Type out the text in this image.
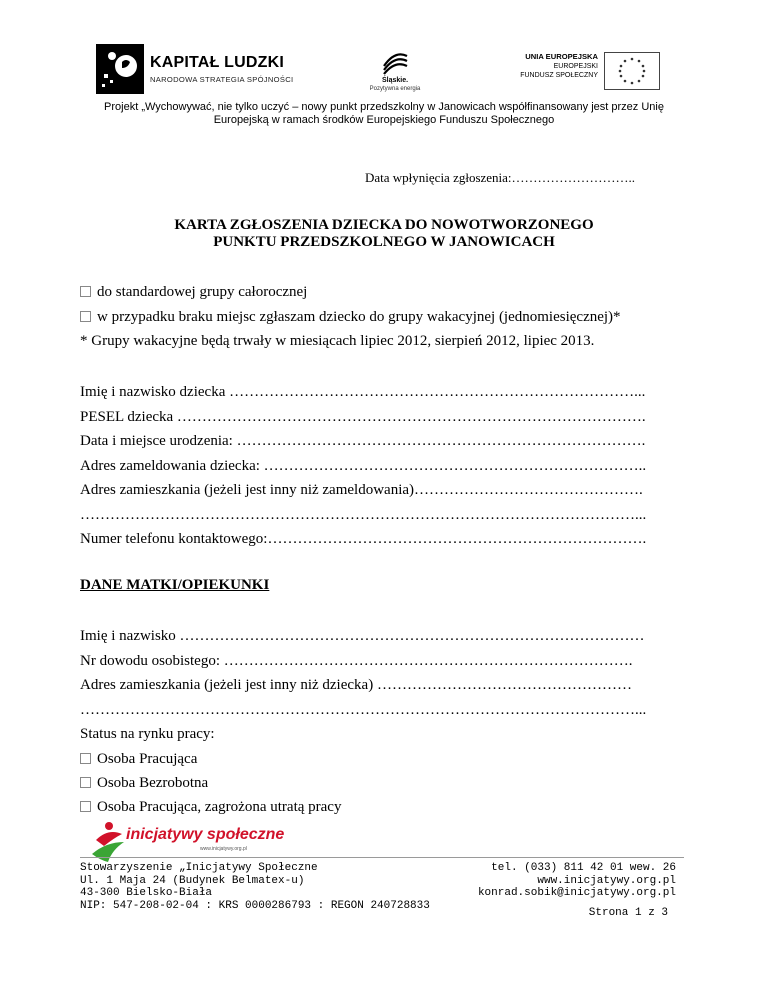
KAPITAŁ LUDZKI
NARODOWA STRATEGIA SPÓJNOŚCI	Śląskie.
Pozytywna energia
UNIA EUROPEJSKA
EUROPEJSKI
FUNDUSZ SPOŁECZNY
Projekt „Wychowywać, nie tylko uczyć – nowy punkt przedszkolny w Janowicach współfinansowany jest przez Unię
Europejską w ramach środków Europejskiego Funduszu Społecznego
Data wpłynięcia zgłoszenia:………………………..
KARTA ZGŁOSZENIA DZIECKA DO NOWOTWORZONEGO
PUNKTU PRZEDSZKOLNEGO W JANOWICACH
do standardowej grupy całorocznej
w przypadku braku miejsc zgłaszam dziecko do grupy wakacyjnej (jednomiesięcznej)*
* Grupy wakacyjne będą trwały w miesiącach lipiec 2012, sierpień 2012, lipiec 2013.
Imię i nazwisko dziecka ………………………………………………………………………...
PESEL dziecka ………………………………………………………………………………….
Data i miejsce urodzenia: ……………………………………………………………………….
Adres zameldowania dziecka: …………………………………………………………………..
Adres zamieszkania (jeżeli jest inny niż zameldowania)……………………………………….
…………………………………………………………………………………………………...
Numer telefonu kontaktowego:………………………………………………………………….
DANE MATKI/OPIEKUNKI
Imię i nazwisko …………………………………………………………………………………
Nr dowodu osobistego: ……………………………………………………………………….
Adres zamieszkania (jeżeli jest inny niż dziecka) ……………………………………………
…………………………………………………………………………………………………...
Status na rynku pracy:
Osoba Pracująca
Osoba Bezrobotna
Osoba Pracująca, zagrożona utratą pracy
inicjatywy społeczne
www.inicjatywy.org.pl
Stowarzyszenie „Inicjatywy Społeczne
Ul. 1 Maja 24 (Budynek Belmatex-u)
43-300 Bielsko-Biała
NIP: 547-208-02-04 : KRS 0000286793 : REGON 240728833
tel. (033) 811 42 01 wew. 26
www.inicjatywy.org.pl
konrad.sobik@inicjatywy.org.pl
Strona 1 z 3
